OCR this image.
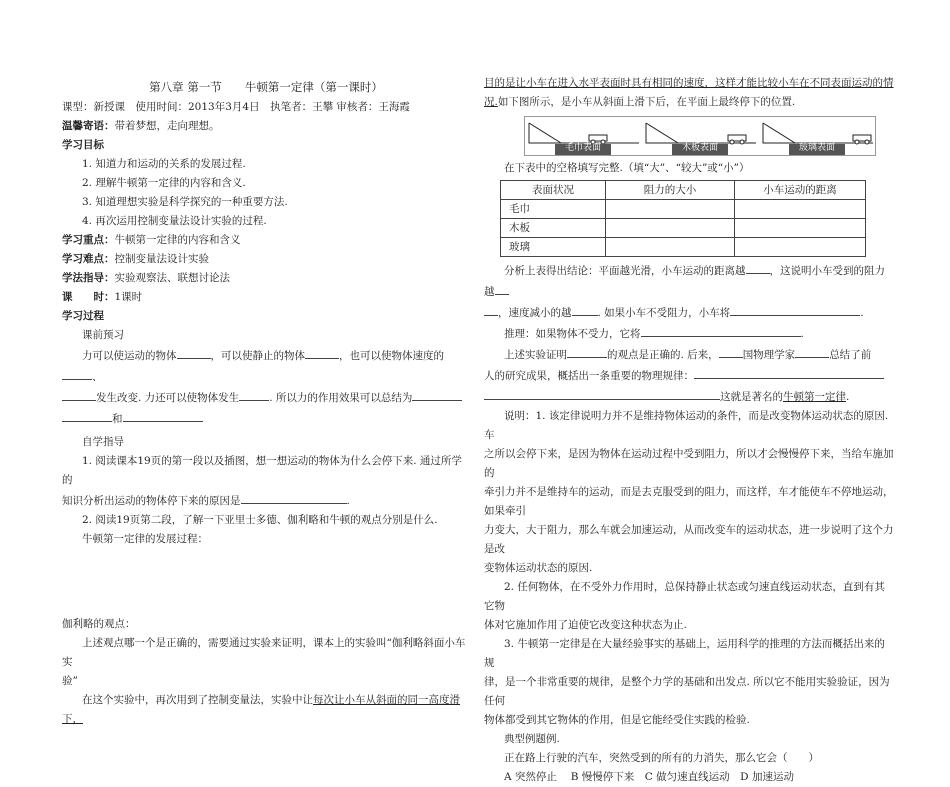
第八章 第一节　　牛顿第一定律（第一课时）
课型：新授课　使用时间：2013年3月4日　执笔者：王攀 审核者：王海霞
温馨寄语：带着梦想，走向理想。
学习目标
1. 知道力和运动的关系的发展过程.
2. 理解牛顿第一定律的内容和含义.
3. 知道理想实验是科学探究的一种重要方法.
4. 再次运用控制变量法设计实验的过程.
学习重点：牛顿第一定律的内容和含义
学习难点：控制变量法设计实验
学法指导：实验观察法、联想讨论法
课　　时：1课时
学习过程
课前预习
力可以使运动的物体	，可以使静止的物体	，也可以使物体速度的、
发生改变. 力还可以使物体发生	. 所以力的作用效果可以总结为
和
自学指导
1. 阅读课本19页的第一段以及插图，想一想运动的物体为什么会停下来. 通过所学的
知识分析出运动的物体停下来的原因是	.
2. 阅读19页第二段，了解一下亚里士多德、伽利略和牛顿的观点分别是什么.
牛顿第一定律的发展过程：
伽利略的观点：
上述观点哪一个是正确的，需要通过实验来证明，课本上的实验叫“伽利略斜面小车实
验”
在这个实验中，再次用到了控制变量法，实验中让每次让小车从斜面的同一高度滑下，
目的是让小车在进入水平表面时具有相同的速度，这样才能比较小车在不同表面运动的情
况.如下图所示，是小车从斜面上滑下后，在平面上最终停下的位置.
毛巾表面	木板表面	玻璃表面
在下表中的空格填写完整.（填“大”、“较大”或“小”）
表面状况	阻力的大小	小车运动的距离
毛巾		
木板		
玻璃		
分析上表得出结论：平面越光滑，小车运动的距离越 ，这说明小车受到的阻力越
，速度减小的越 . 如果小车不受阻力，小车将	.
推理：如果物体不受力，它将	.
上述实验证明	的观点是正确的. 后来， 国物理学家	总结了前
人的研究成果，概括出一条重要的物理规律：
这就是著名的牛顿第一定律.
说明：1. 该定律说明力并不是维持物体运动的条件，而是改变物体运动状态的原因. 车
之所以会停下来，是因为物体在运动过程中受到阻力，所以才会慢慢停下来，当给车施加的
牵引力并不是维持车的运动，而是去克服受到的阻力，而这样，车才能使车不停地运动，如果牵引
力变大，大于阻力，那么车就会加速运动，从而改变车的运动状态，进一步说明了这个力是改
变物体运动状态的原因.
2. 任何物体，在不受外力作用时，总保持静止状态或匀速直线运动状态，直到有其它物
体对它施加作用了迫使它改变这种状态为止.
3. 牛顿第一定律是在大量经验事实的基础上，运用科学的推理的方法而概括出来的规
律，是一个非常重要的规律，是整个力学的基础和出发点. 所以它不能用实验验证，因为任何
物体都受到其它物体的作用，但是它能经受住实践的检验.
典型例题例.
正在路上行驶的汽车，突然受到的所有的力消失，那么它会（　　）
A 突然停止　 B 慢慢停下来　C 做匀速直线运动　D 加速运动
